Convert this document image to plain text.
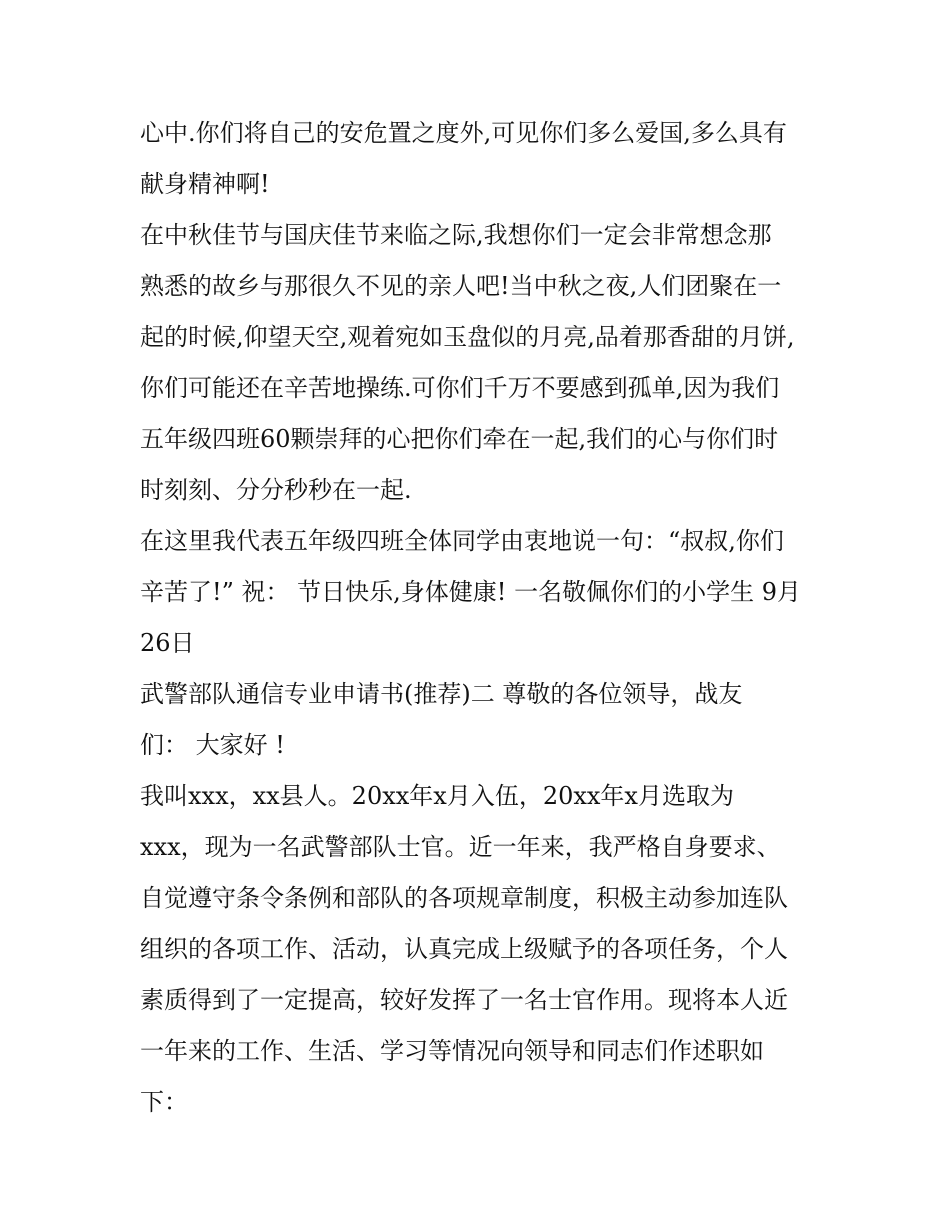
心中.你们将自己的安危置之度外,可见你们多么爱国,多么具有
献身精神啊!
在中秋佳节与国庆佳节来临之际,我想你们一定会非常想念那
熟悉的故乡与那很久不见的亲人吧!当中秋之夜,人们团聚在一
起的时候,仰望天空,观着宛如玉盘似的月亮,品着那香甜的月饼,
你们可能还在辛苦地操练.可你们千万不要感到孤单,因为我们
五年级四班60颗崇拜的心把你们牵在一起,我们的心与你们时
时刻刻、分分秒秒在一起.
在这里我代表五年级四班全体同学由衷地说一句：“叔叔,你们
辛苦了!” 祝： 节日快乐,身体健康! 一名敬佩你们的小学生 9月
26日
武警部队通信专业申请书(推荐)二 尊敬的各位领导，战友
们： 大家好 !
我叫xxx，xx县人。20xx年x月入伍，20xx年x月选取为
xxx，现为一名武警部队士官。近一年来，我严格自身要求、
自觉遵守条令条例和部队的各项规章制度，积极主动参加连队
组织的各项工作、活动，认真完成上级赋予的各项任务，个人
素质得到了一定提高，较好发挥了一名士官作用。现将本人近
一年来的工作、生活、学习等情况向领导和同志们作述职如
下：
